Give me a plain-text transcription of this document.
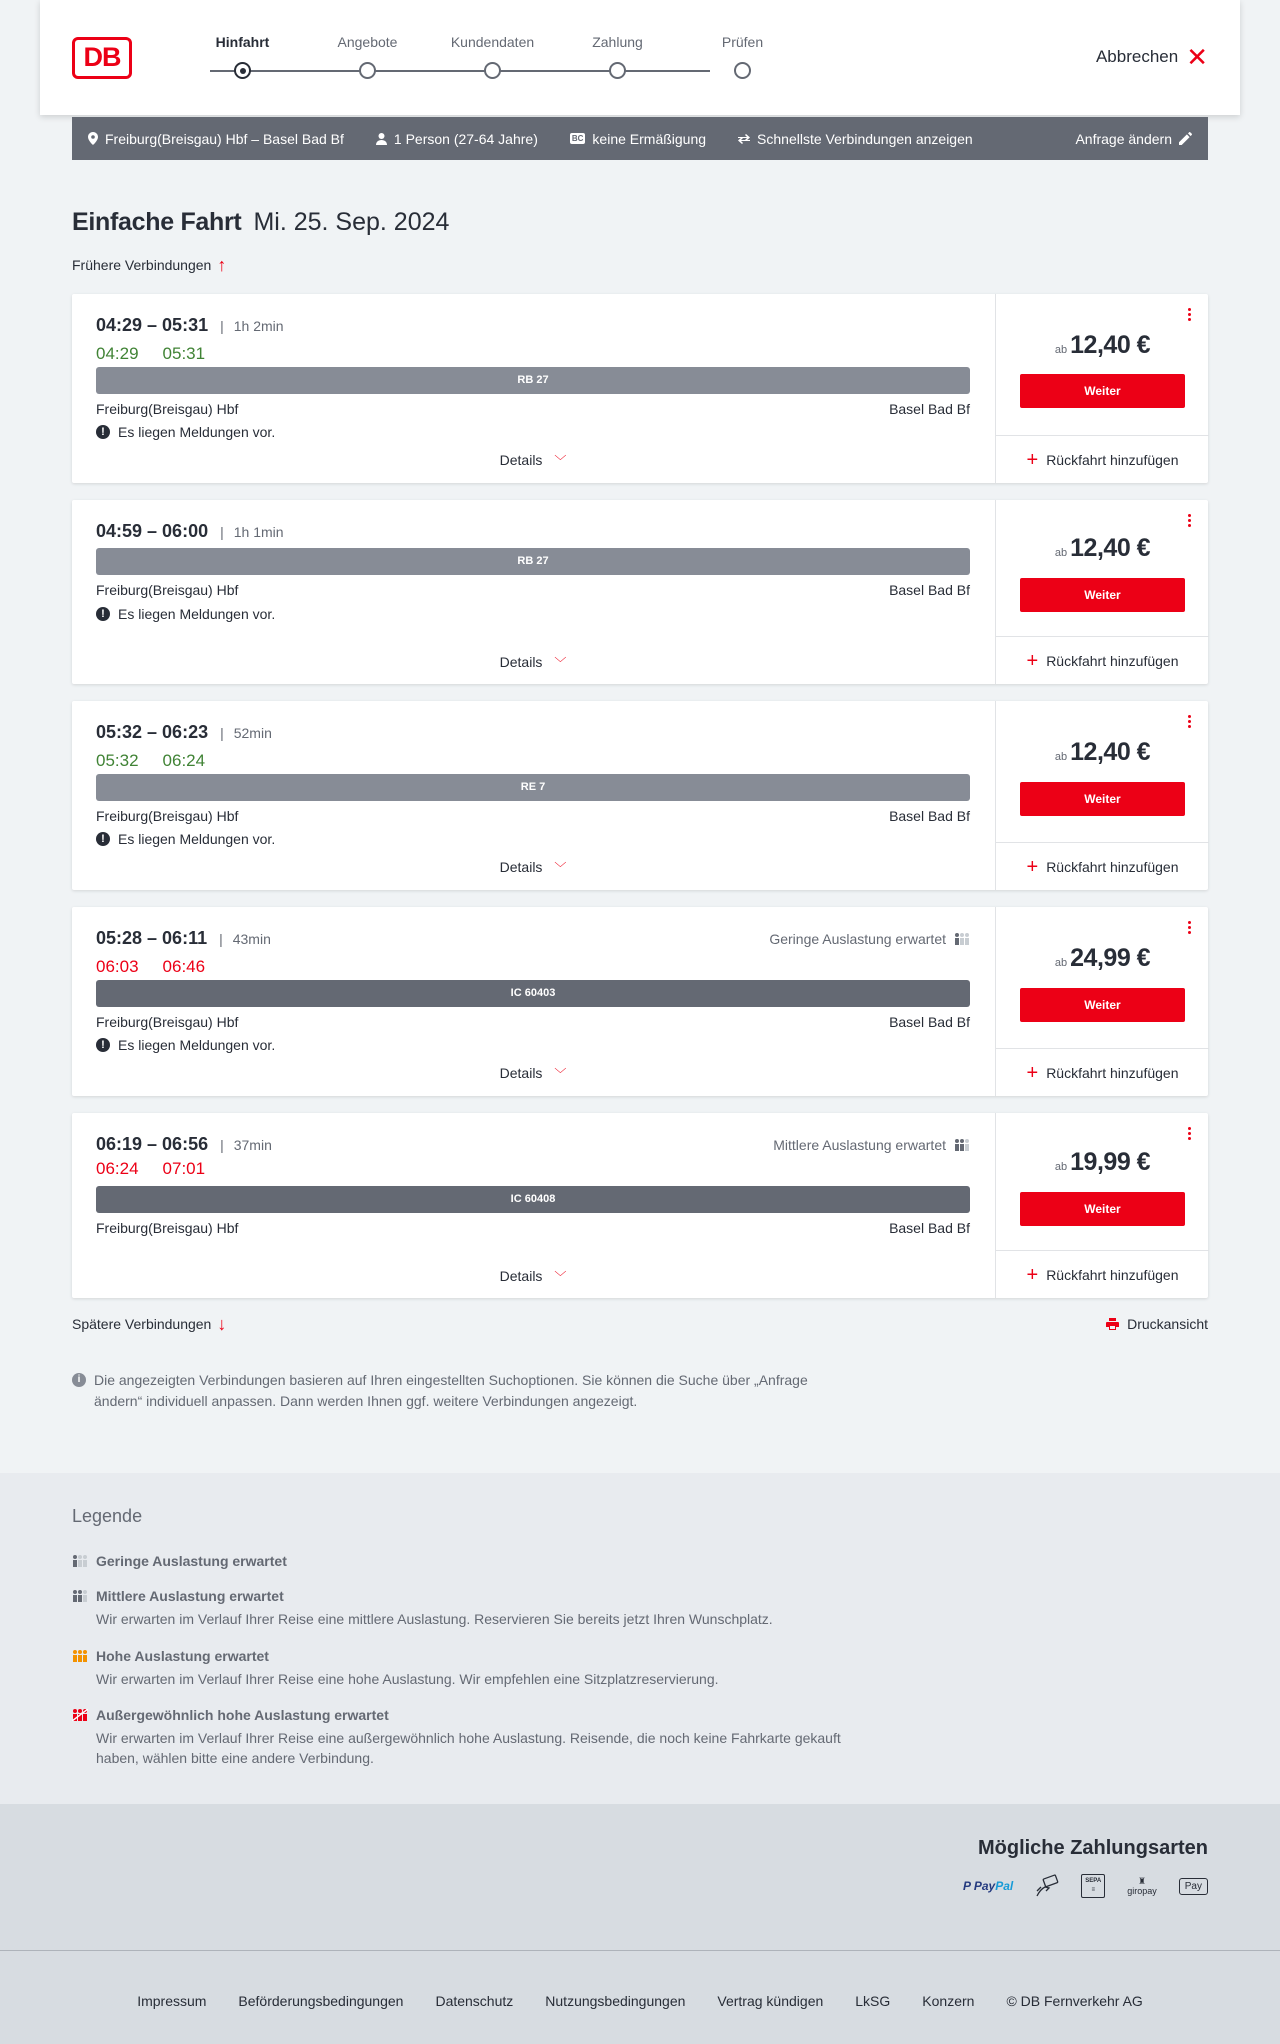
DB	Hinfahrt	Angebote	Kundendaten	Zahlung	Prüfen
Abbrechen ✕
Freiburg(Breisgau) Hbf – Basel Bad Bf	1 Person (27-64 Jahre)	BC keine Ermäßigung	Schnellste Verbindungen anzeigen	Anfrage ändern
Einfache Fahrt Mi. 25. Sep. 2024
Frühere Verbindungen ↑
04:29 – 05:31 | 1h 2min
04:29 05:31
RB 27
Freiburg(Breisgau) Hbf	Basel Bad Bf
! Es liegen Meldungen vor.
Details ﹀
ab 12,40 €
Weiter
+ Rückfahrt hinzufügen
04:59 – 06:00 | 1h 1min
RB 27
Freiburg(Breisgau) Hbf	Basel Bad Bf
! Es liegen Meldungen vor.
Details ﹀
ab 12,40 €
Weiter
+ Rückfahrt hinzufügen
05:32 – 06:23 | 52min
05:32 06:24
RE 7
Freiburg(Breisgau) Hbf	Basel Bad Bf
! Es liegen Meldungen vor.
Details ﹀
ab 12,40 €
Weiter
+ Rückfahrt hinzufügen
05:28 – 06:11 | 43min	Geringe Auslastung erwartet
06:03 06:46
IC 60403
Freiburg(Breisgau) Hbf	Basel Bad Bf
! Es liegen Meldungen vor.
Details ﹀
ab 24,99 €
Weiter
+ Rückfahrt hinzufügen
06:19 – 06:56 | 37min	Mittlere Auslastung erwartet
06:24 07:01
IC 60408
Freiburg(Breisgau) Hbf	Basel Bad Bf
Details ﹀
ab 19,99 €
Weiter
+ Rückfahrt hinzufügen
Spätere Verbindungen ↓	Druckansicht
i Die angezeigten Verbindungen basieren auf Ihren eingestellten Suchoptionen. Sie können die Suche über „Anfrage ändern“ individuell anpassen. Dann werden Ihnen ggf. weitere Verbindungen angezeigt.
Legende
Geringe Auslastung erwartet
Mittlere Auslastung erwartet
Wir erwarten im Verlauf Ihrer Reise eine mittlere Auslastung. Reservieren Sie bereits jetzt Ihren Wunschplatz.
Hohe Auslastung erwartet
Wir erwarten im Verlauf Ihrer Reise eine hohe Auslastung. Wir empfehlen eine Sitzplatzreservierung.
Außergewöhnlich hohe Auslastung erwartet
Wir erwarten im Verlauf Ihrer Reise eine außergewöhnlich hohe Auslastung. Reisende, die noch keine Fahrkarte gekauft haben, wählen bitte eine andere Verbindung.
Mögliche Zahlungsarten
P PayPal	SEPA
≡
♜
giropay	Pay
Impressum Beförderungsbedingungen Datenschutz Nutzungsbedingungen Vertrag kündigen LkSG Konzern © DB Fernverkehr AG
